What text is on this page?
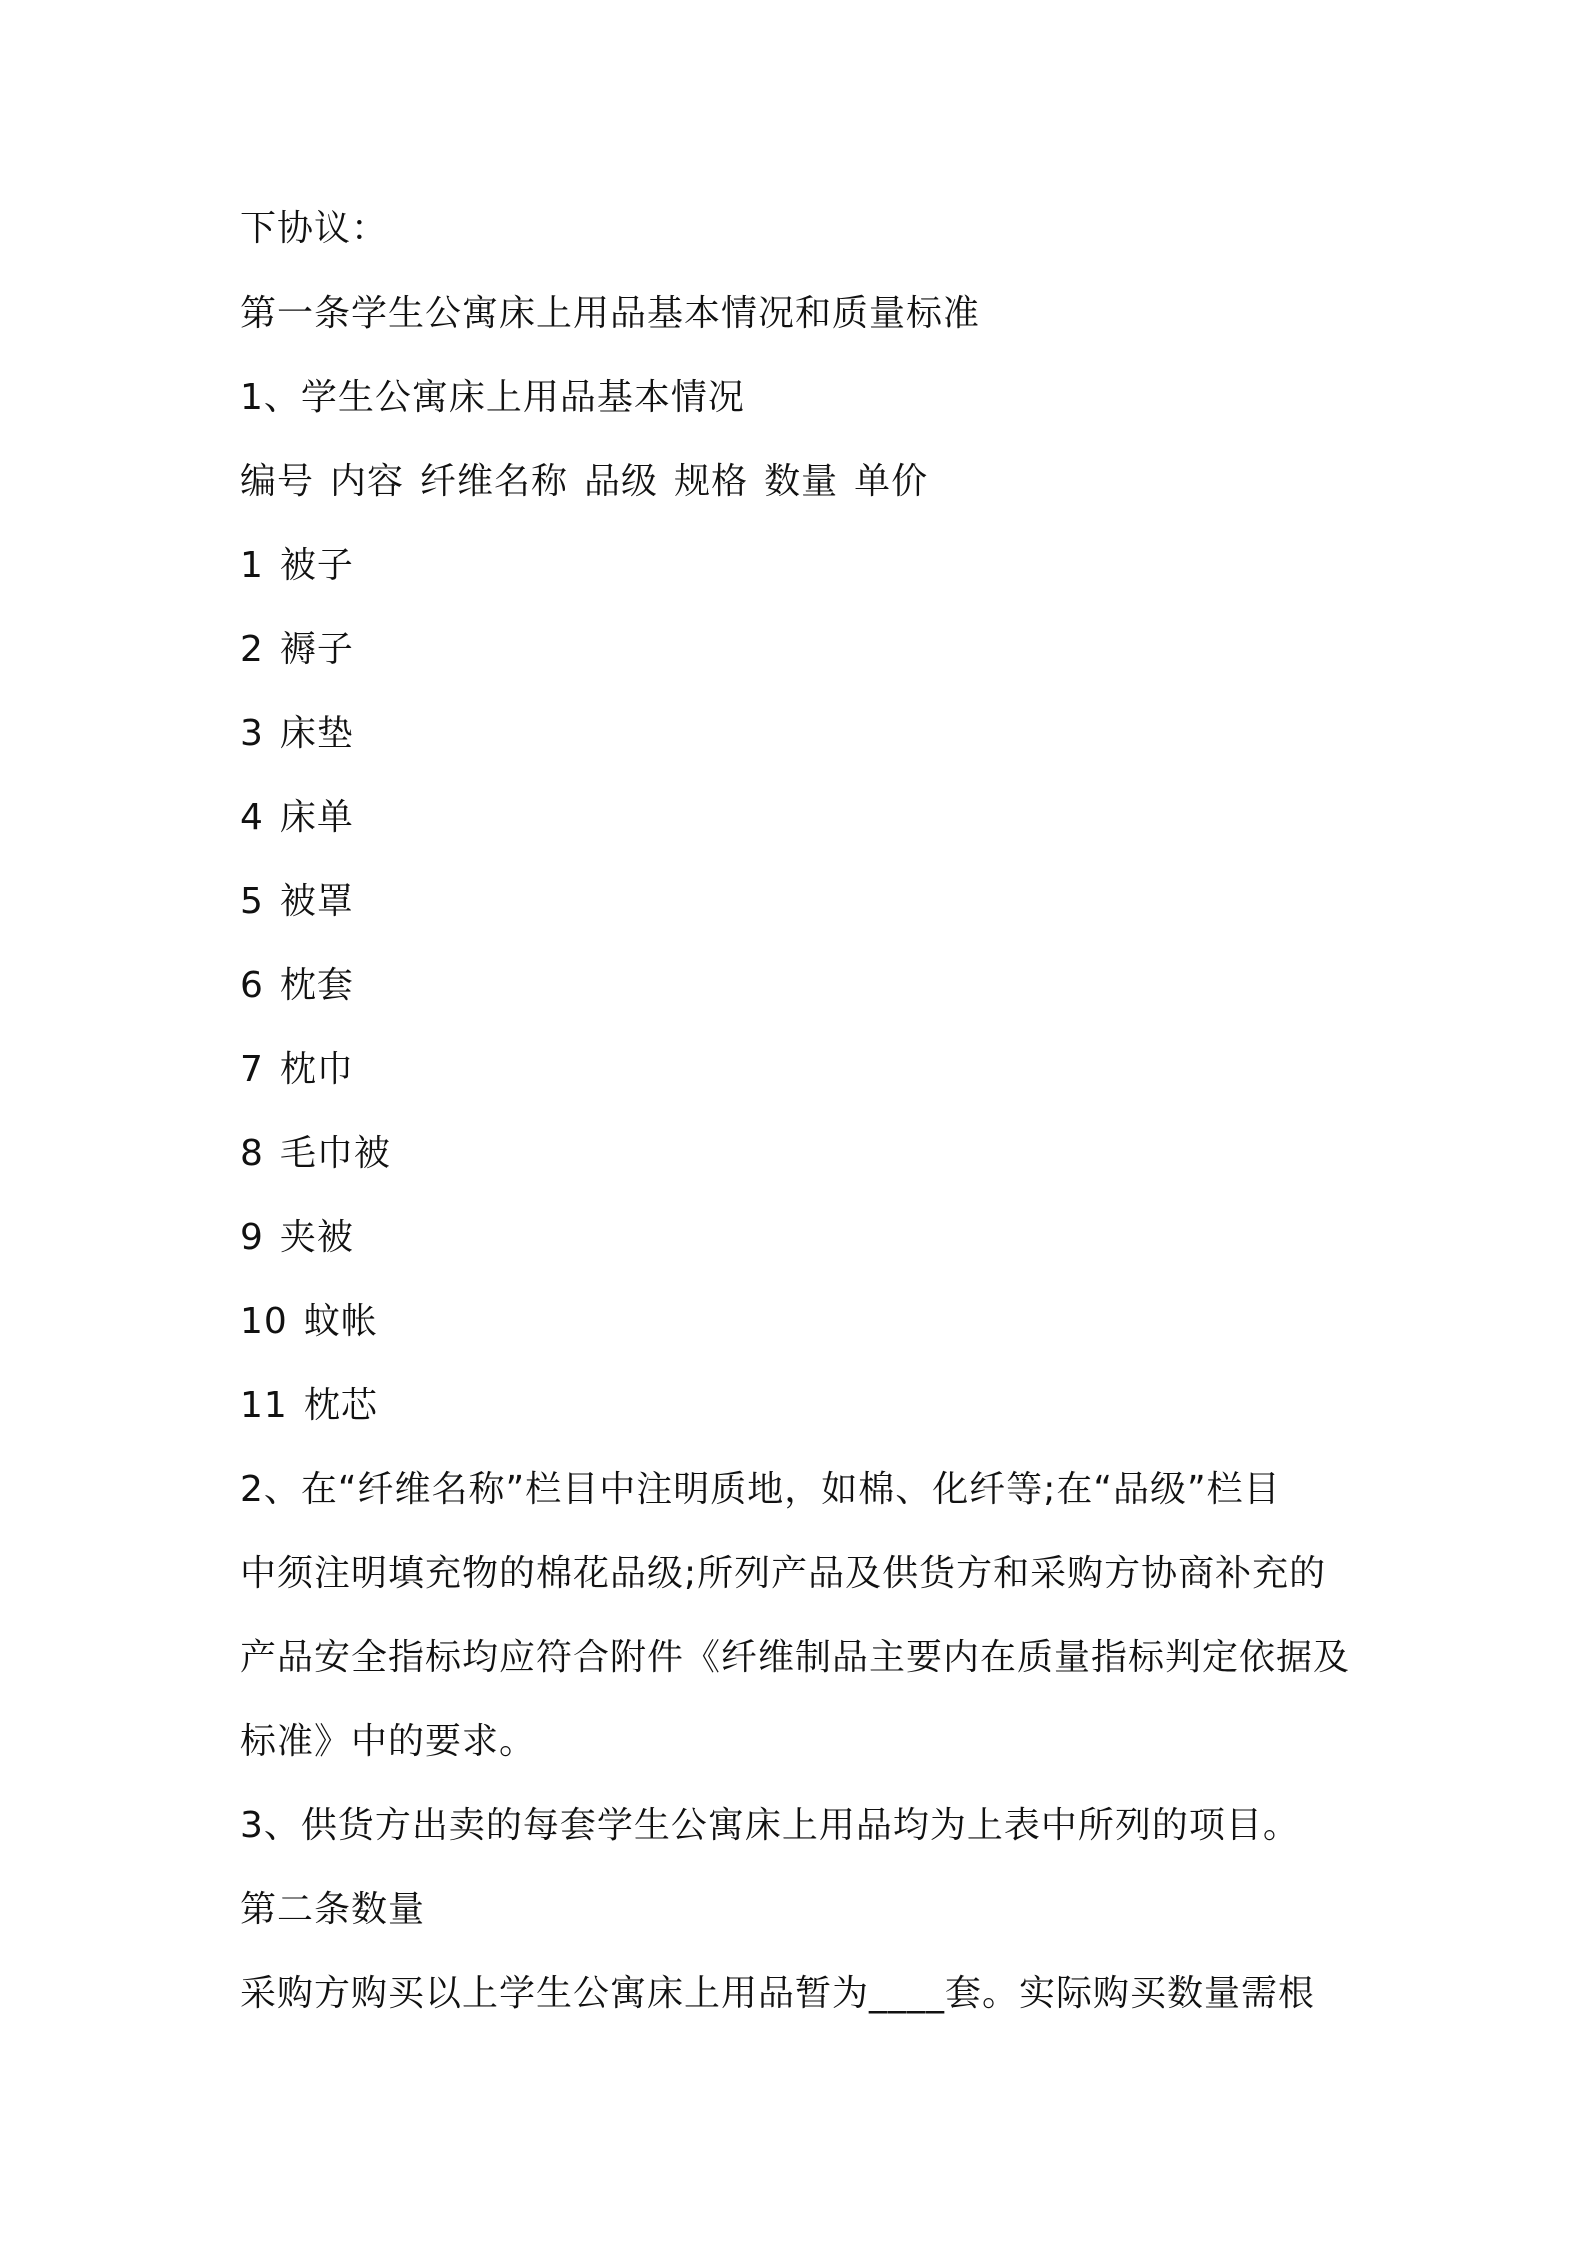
下协议：
第一条学生公寓床上用品基本情况和质量标准
1、学生公寓床上用品基本情况
编号 内容 纤维名称 品级 规格 数量 单价
1 被子
2 褥子
3 床垫
4 床单
5 被罩
6 枕套
7 枕巾
8 毛巾被
9 夹被
10 蚊帐
11 枕芯
2、在“纤维名称”栏目中注明质地，如棉、化纤等;在“品级”栏目
中须注明填充物的棉花品级;所列产品及供货方和采购方协商补充的
产品安全指标均应符合附件《纤维制品主要内在质量指标判定依据及
标准》中的要求。
3、供货方出卖的每套学生公寓床上用品均为上表中所列的项目。
第二条数量
采购方购买以上学生公寓床上用品暂为____套。实际购买数量需根
